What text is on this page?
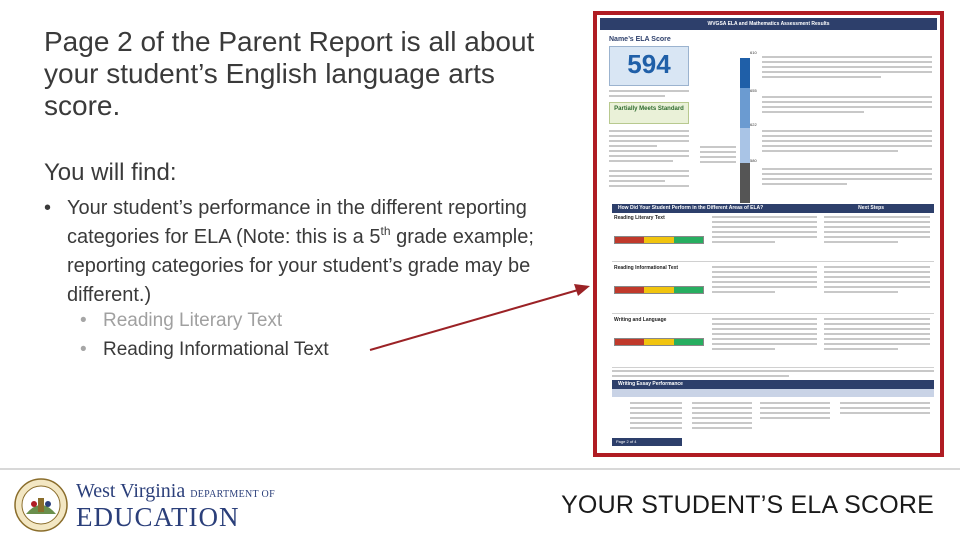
Page 2 of the Parent Report is all about your student’s English language arts score.
You will find:
• Your student’s performance in the different reporting categories for ELA (Note: this is a 5th grade example; reporting categories for your student’s grade may be different.)
• Reading Literary Text
• Reading Informational Text
WVGSA ELA and Mathematics Assessment Results
Name’s ELA Score
594
Partially Meets Standard
610
655
622
580
How Did Your Student Perform in the Different Areas of ELA?	Next Steps
Reading Literary Text
Reading Informational Text
Writing and Language
Writing Essay Performance
Page 2 of 4
West Virginia DEPARTMENT OF
EDUCATION	YOUR STUDENT’S ELA SCORE
